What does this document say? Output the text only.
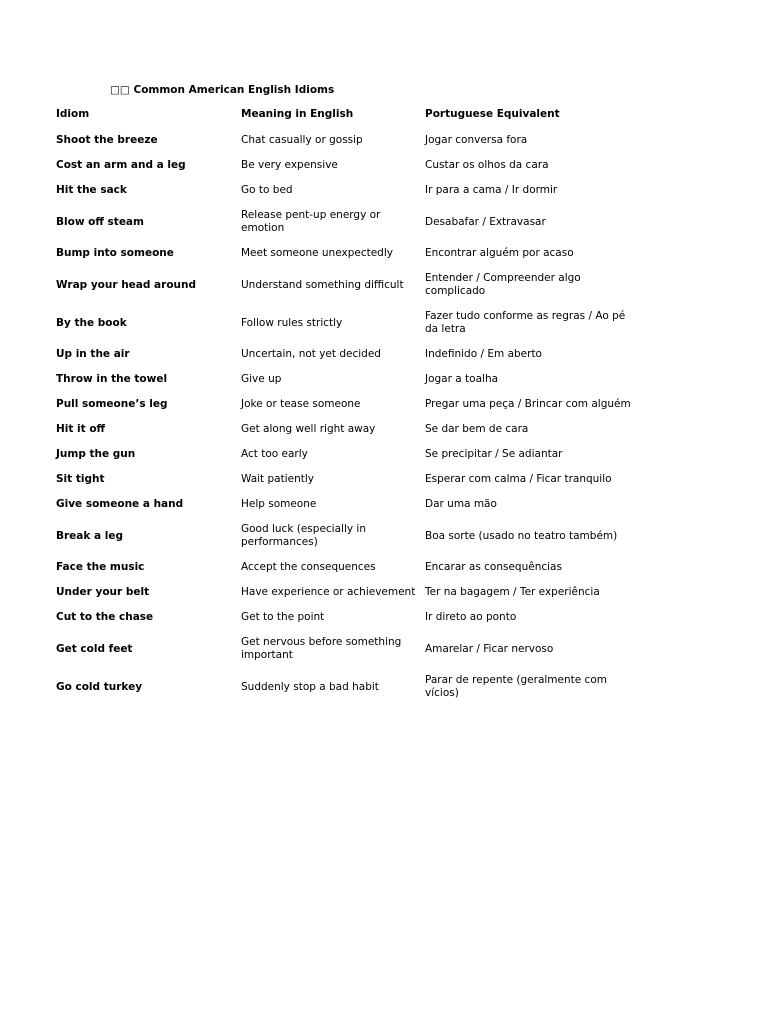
□□ Common American English Idioms
Idiom	Meaning in English	Portuguese Equivalent
Shoot the breeze	Chat casually or gossip	Jogar conversa fora
Cost an arm and a leg	Be very expensive	Custar os olhos da cara
Hit the sack	Go to bed	Ir para a cama / Ir dormir
Blow off steam	Release pent-up energy or emotion	Desabafar / Extravasar
Bump into someone	Meet someone unexpectedly	Encontrar alguém por acaso
Wrap your head around	Understand something difficult	Entender / Compreender algo complicado
By the book	Follow rules strictly	Fazer tudo conforme as regras / Ao pé da letra
Up in the air	Uncertain, not yet decided	Indefinido / Em aberto
Throw in the towel	Give up	Jogar a toalha
Pull someone’s leg	Joke or tease someone	Pregar uma peça / Brincar com alguém
Hit it off	Get along well right away	Se dar bem de cara
Jump the gun	Act too early	Se precipitar / Se adiantar
Sit tight	Wait patiently	Esperar com calma / Ficar tranquilo
Give someone a hand	Help someone	Dar uma mão
Break a leg	Good luck (especially in performances)	Boa sorte (usado no teatro também)
Face the music	Accept the consequences	Encarar as consequências
Under your belt	Have experience or achievement	Ter na bagagem / Ter experiência
Cut to the chase	Get to the point	Ir direto ao ponto
Get cold feet	Get nervous before something important	Amarelar / Ficar nervoso
Go cold turkey	Suddenly stop a bad habit	Parar de repente (geralmente com vícios)
